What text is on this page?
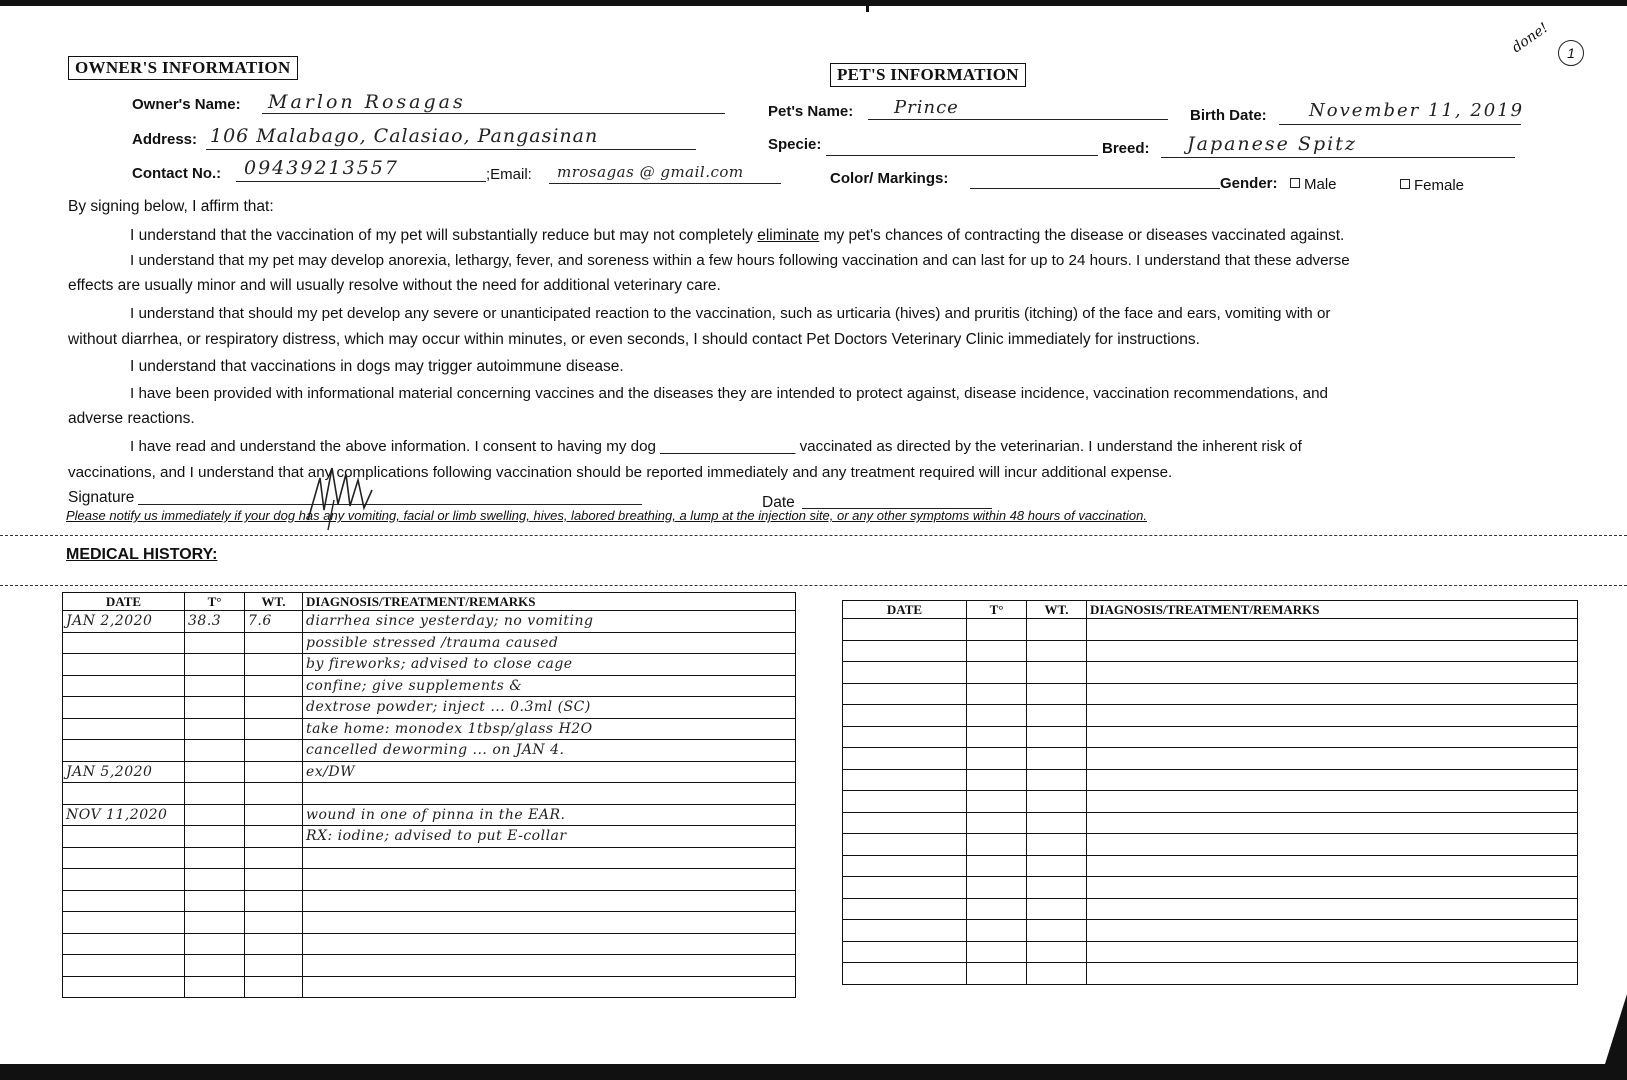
done!	1
OWNER'S INFORMATION
Owner's Name: Marlon Rosagas
Address: 106 Malabago, Calasiao, Pangasinan
Contact No.: 09439213557	;Email: mrosagas @ gmail.com
PET'S INFORMATION
Pet's Name: Prince	Birth Date: November 11, 2019
Specie:	Breed: Japanese Spitz
Color/ Markings:	Gender:	Male	Female
By signing below, I affirm that:
I understand that the vaccination of my pet will substantially reduce but may not completely eliminate my pet's chances of contracting the disease or diseases vaccinated against.
I understand that my pet may develop anorexia, lethargy, fever, and soreness within a few hours following vaccination and can last for up to 24 hours. I understand that these adverse
effects are usually minor and will usually resolve without the need for additional veterinary care.
I understand that should my pet develop any severe or unanticipated reaction to the vaccination, such as urticaria (hives) and pruritis (itching) of the face and ears, vomiting with or
without diarrhea, or respiratory distress, which may occur within minutes, or even seconds, I should contact Pet Doctors Veterinary Clinic immediately for instructions.
I understand that vaccinations in dogs may trigger autoimmune disease.
I have been provided with informational material concerning vaccines and the diseases they are intended to protect against, disease incidence, vaccination recommendations, and
adverse reactions.
I have read and understand the above information. I consent to having my dog ________________ vaccinated as directed by the veterinarian. I understand the inherent risk of
vaccinations, and I understand that any complications following vaccination should be reported immediately and any treatment required will incur additional expense.
Signature	Date
Please notify us immediately if your dog has any vomiting, facial or limb swelling, hives, labored breathing, a lump at the injection site, or any other symptoms within 48 hours of vaccination.
MEDICAL HISTORY:
DATE	T°	WT.	DIAGNOSIS/TREATMENT/REMARKS
JAN 2,2020	38.3	7.6	diarrhea since yesterday; no vomiting
			possible stressed /trauma caused
			by fireworks; advised to close cage
			confine; give supplements &
			dextrose powder; inject ... 0.3ml (SC)
			take home: monodex 1tbsp/glass H2O
			cancelled deworming ... on JAN 4.
JAN 5,2020			ex/DW

NOV 11,2020			wound in one of pinna in the EAR.
			RX: iodine; advised to put E-collar

DATE	T°	WT.	DIAGNOSIS/TREATMENT/REMARKS
